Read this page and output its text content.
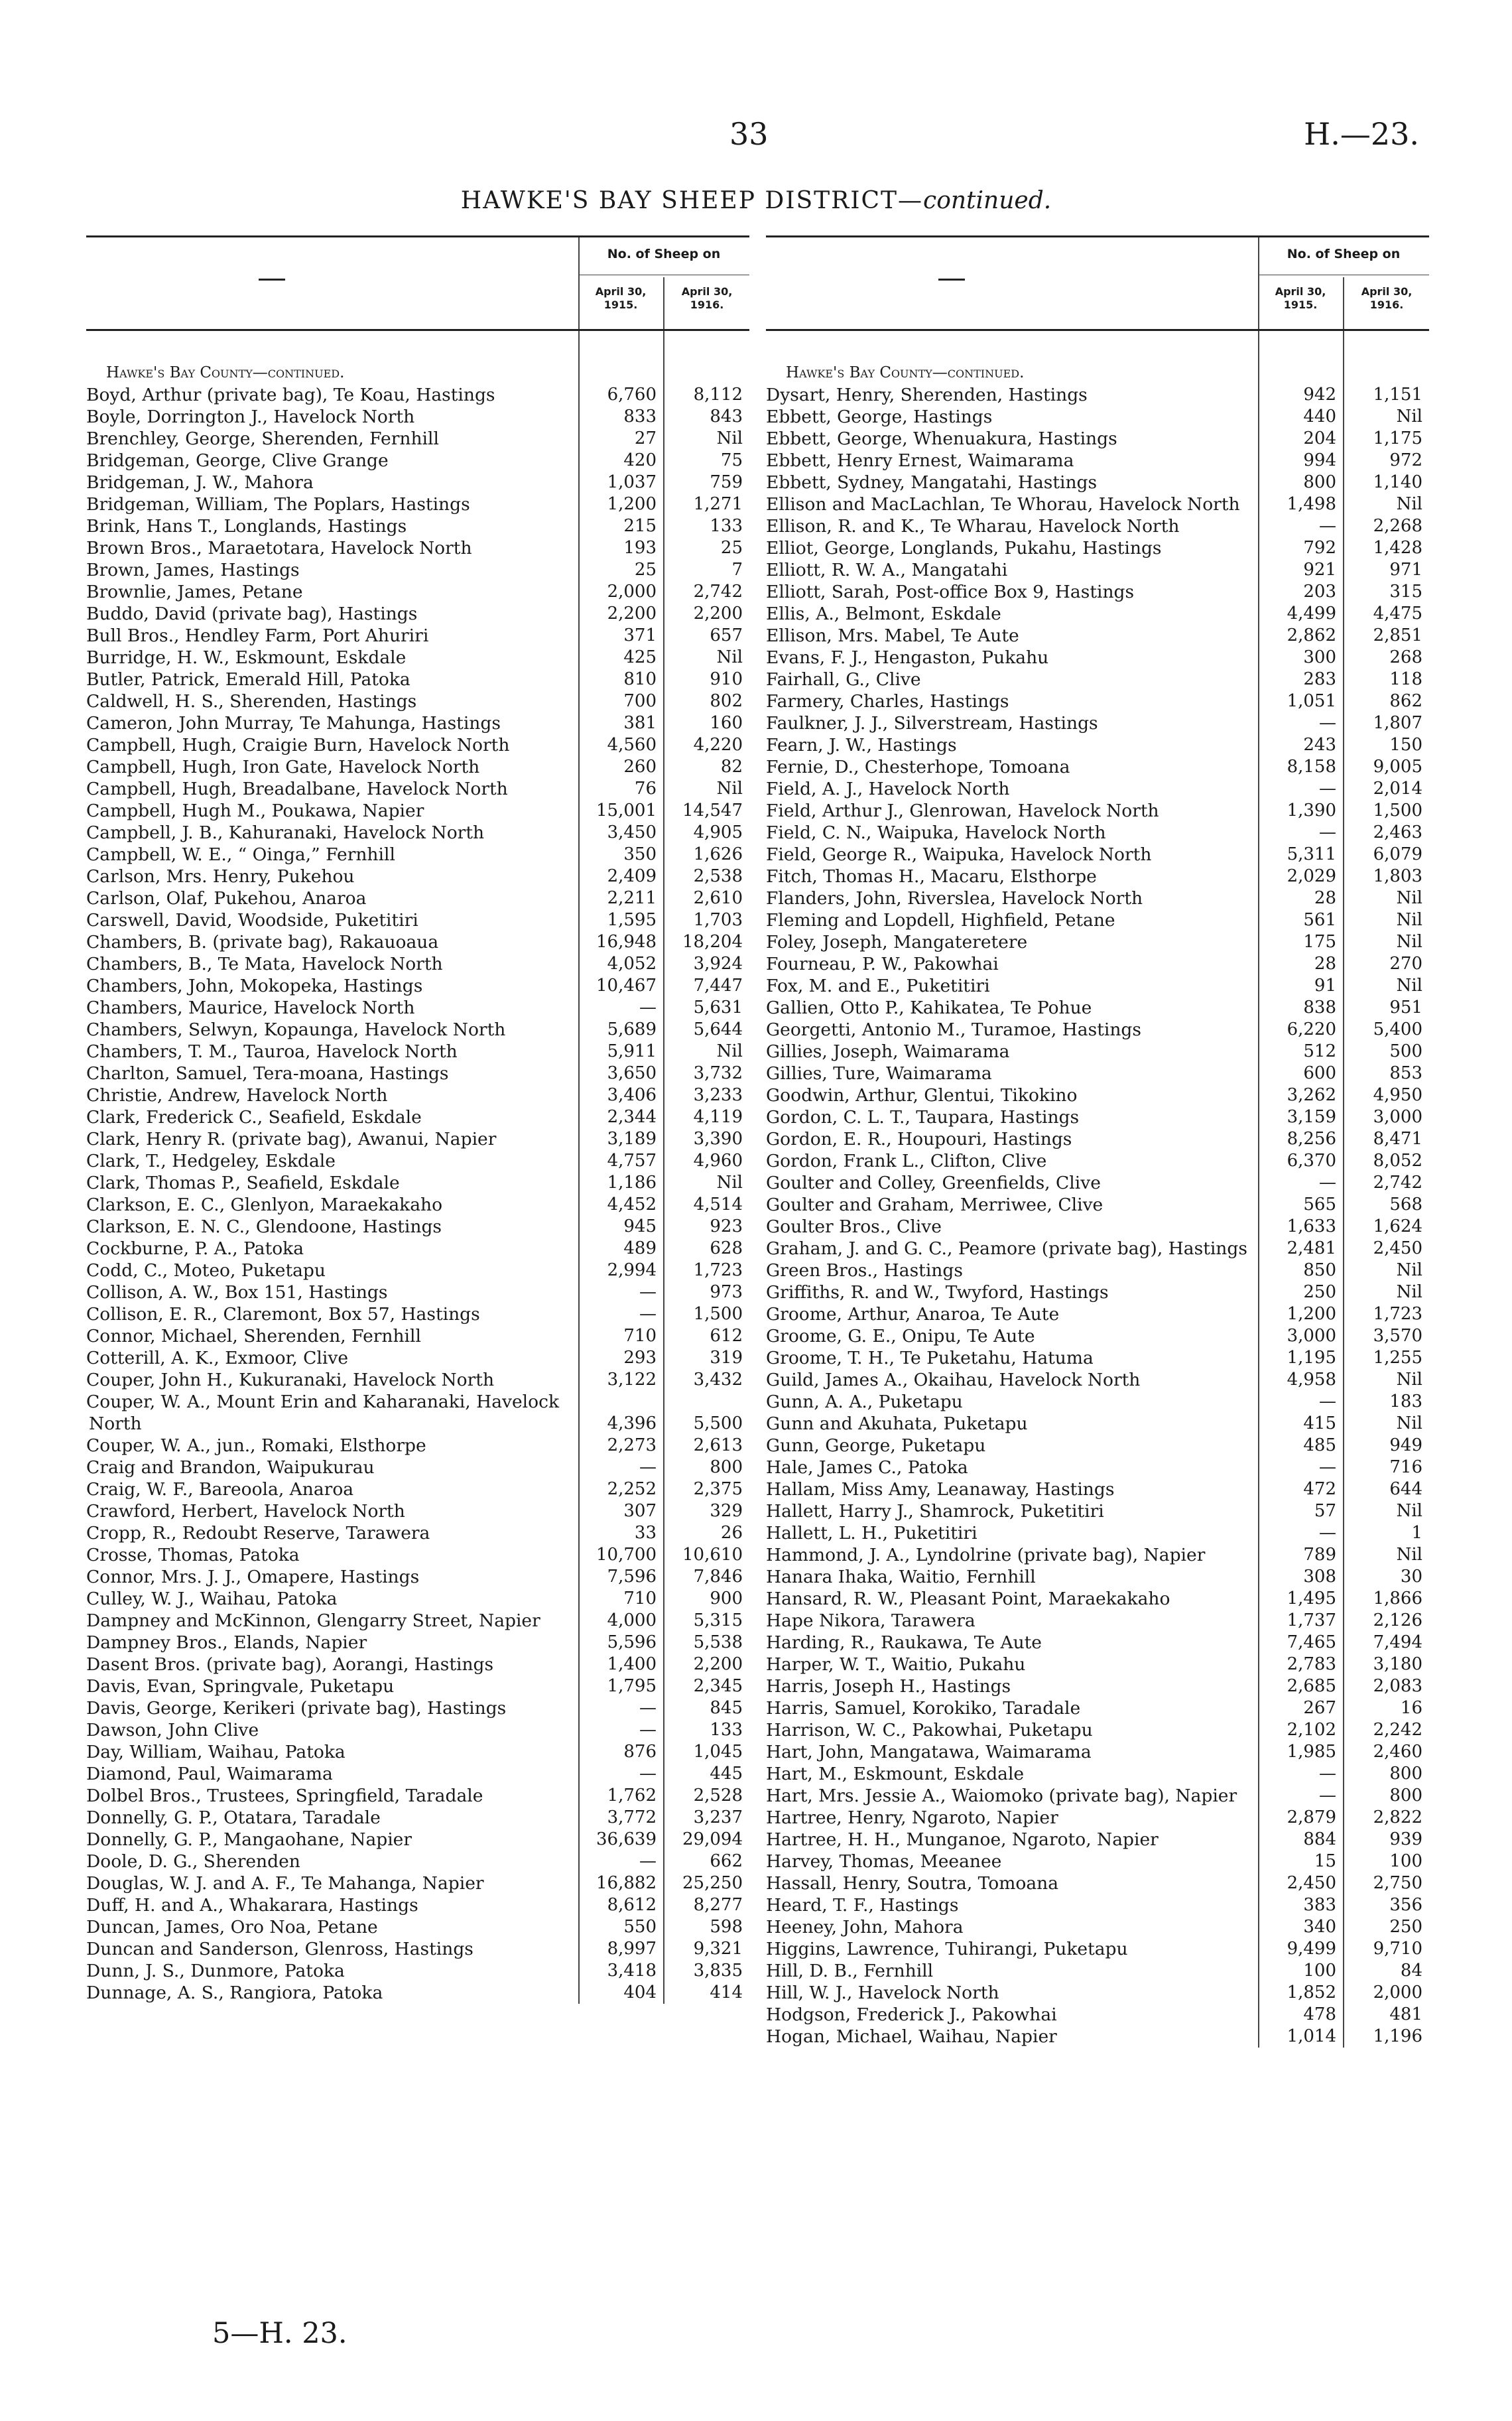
33	H.—23.
HAWKE'S BAY SHEEP DISTRICT—continued.
No. of Sheep on
April 30, 1915.
April 30, 1916.
Hawke's Bay County—continued.
Boyd, Arthur (private bag), Te Koau, Hastings	6,760	8,112
Boyle, Dorrington J., Havelock North	833	843
Brenchley, George, Sherenden, Fernhill	27	Nil
Bridgeman, George, Clive Grange	420	75
Bridgeman, J. W., Mahora	1,037	759
Bridgeman, William, The Poplars, Hastings	1,200	1,271
Brink, Hans T., Longlands, Hastings	215	133
Brown Bros., Maraetotara, Havelock North	193	25
Brown, James, Hastings	25	7
Brownlie, James, Petane	2,000	2,742
Buddo, David (private bag), Hastings	2,200	2,200
Bull Bros., Hendley Farm, Port Ahuriri	371	657
Burridge, H. W., Eskmount, Eskdale	425	Nil
Butler, Patrick, Emerald Hill, Patoka	810	910
Caldwell, H. S., Sherenden, Hastings	700	802
Cameron, John Murray, Te Mahunga, Hastings	381	160
Campbell, Hugh, Craigie Burn, Havelock North	4,560	4,220
Campbell, Hugh, Iron Gate, Havelock North	260	82
Campbell, Hugh, Breadalbane, Havelock North	76	Nil
Campbell, Hugh M., Poukawa, Napier	15,001	14,547
Campbell, J. B., Kahuranaki, Havelock North	3,450	4,905
Campbell, W. E., “ Oinga,” Fernhill	350	1,626
Carlson, Mrs. Henry, Pukehou	2,409	2,538
Carlson, Olaf, Pukehou, Anaroa	2,211	2,610
Carswell, David, Woodside, Puketitiri	1,595	1,703
Chambers, B. (private bag), Rakauoaua	16,948	18,204
Chambers, B., Te Mata, Havelock North	4,052	3,924
Chambers, John, Mokopeka, Hastings	10,467	7,447
Chambers, Maurice, Havelock North	—	5,631
Chambers, Selwyn, Kopaunga, Havelock North	5,689	5,644
Chambers, T. M., Tauroa, Havelock North	5,911	Nil
Charlton, Samuel, Tera-moana, Hastings	3,650	3,732
Christie, Andrew, Havelock North	3,406	3,233
Clark, Frederick C., Seafield, Eskdale	2,344	4,119
Clark, Henry R. (private bag), Awanui, Napier	3,189	3,390
Clark, T., Hedgeley, Eskdale	4,757	4,960
Clark, Thomas P., Seafield, Eskdale	1,186	Nil
Clarkson, E. C., Glenlyon, Maraekakaho	4,452	4,514
Clarkson, E. N. C., Glendoone, Hastings	945	923
Cockburne, P. A., Patoka	489	628
Codd, C., Moteo, Puketapu	2,994	1,723
Collison, A. W., Box 151, Hastings	—	973
Collison, E. R., Claremont, Box 57, Hastings	—	1,500
Connor, Michael, Sherenden, Fernhill	710	612
Cotterill, A. K., Exmoor, Clive	293	319
Couper, John H., Kukuranaki, Havelock North	3,122	3,432
Couper, W. A., Mount Erin and Kaharanaki, Havelock North	4,396	5,500
Couper, W. A., jun., Romaki, Elsthorpe	2,273	2,613
Craig and Brandon, Waipukurau	—	800
Craig, W. F., Bareoola, Anaroa	2,252	2,375
Crawford, Herbert, Havelock North	307	329
Cropp, R., Redoubt Reserve, Tarawera	33	26
Crosse, Thomas, Patoka	10,700	10,610
Connor, Mrs. J. J., Omapere, Hastings	7,596	7,846
Culley, W. J., Waihau, Patoka	710	900
Dampney and McKinnon, Glengarry Street, Napier	4,000	5,315
Dampney Bros., Elands, Napier	5,596	5,538
Dasent Bros. (private bag), Aorangi, Hastings	1,400	2,200
Davis, Evan, Springvale, Puketapu	1,795	2,345
Davis, George, Kerikeri (private bag), Hastings	—	845
Dawson, John Clive	—	133
Day, William, Waihau, Patoka	876	1,045
Diamond, Paul, Waimarama	—	445
Dolbel Bros., Trustees, Springfield, Taradale	1,762	2,528
Donnelly, G. P., Otatara, Taradale	3,772	3,237
Donnelly, G. P., Mangaohane, Napier	36,639	29,094
Doole, D. G., Sherenden	—	662
Douglas, W. J. and A. F., Te Mahanga, Napier	16,882	25,250
Duff, H. and A., Whakarara, Hastings	8,612	8,277
Duncan, James, Oro Noa, Petane	550	598
Duncan and Sanderson, Glenross, Hastings	8,997	9,321
Dunn, J. S., Dunmore, Patoka	3,418	3,835
Dunnage, A. S., Rangiora, Patoka	404	414
No. of Sheep on
April 30, 1915.
April 30, 1916.
Hawke's Bay County—continued.
Dysart, Henry, Sherenden, Hastings	942	1,151
Ebbett, George, Hastings	440	Nil
Ebbett, George, Whenuakura, Hastings	204	1,175
Ebbett, Henry Ernest, Waimarama	994	972
Ebbett, Sydney, Mangatahi, Hastings	800	1,140
Ellison and MacLachlan, Te Whorau, Havelock North	1,498	Nil
Ellison, R. and K., Te Wharau, Havelock North	—	2,268
Elliot, George, Longlands, Pukahu, Hastings	792	1,428
Elliott, R. W. A., Mangatahi	921	971
Elliott, Sarah, Post-office Box 9, Hastings	203	315
Ellis, A., Belmont, Eskdale	4,499	4,475
Ellison, Mrs. Mabel, Te Aute	2,862	2,851
Evans, F. J., Hengaston, Pukahu	300	268
Fairhall, G., Clive	283	118
Farmery, Charles, Hastings	1,051	862
Faulkner, J. J., Silverstream, Hastings	—	1,807
Fearn, J. W., Hastings	243	150
Fernie, D., Chesterhope, Tomoana	8,158	9,005
Field, A. J., Havelock North	—	2,014
Field, Arthur J., Glenrowan, Havelock North	1,390	1,500
Field, C. N., Waipuka, Havelock North	—	2,463
Field, George R., Waipuka, Havelock North	5,311	6,079
Fitch, Thomas H., Macaru, Elsthorpe	2,029	1,803
Flanders, John, Riverslea, Havelock North	28	Nil
Fleming and Lopdell, Highfield, Petane	561	Nil
Foley, Joseph, Mangateretere	175	Nil
Fourneau, P. W., Pakowhai	28	270
Fox, M. and E., Puketitiri	91	Nil
Gallien, Otto P., Kahikatea, Te Pohue	838	951
Georgetti, Antonio M., Turamoe, Hastings	6,220	5,400
Gillies, Joseph, Waimarama	512	500
Gillies, Ture, Waimarama	600	853
Goodwin, Arthur, Glentui, Tikokino	3,262	4,950
Gordon, C. L. T., Taupara, Hastings	3,159	3,000
Gordon, E. R., Houpouri, Hastings	8,256	8,471
Gordon, Frank L., Clifton, Clive	6,370	8,052
Goulter and Colley, Greenfields, Clive	—	2,742
Goulter and Graham, Merriwee, Clive	565	568
Goulter Bros., Clive	1,633	1,624
Graham, J. and G. C., Peamore (private bag), Hastings	2,481	2,450
Green Bros., Hastings	850	Nil
Griffiths, R. and W., Twyford, Hastings	250	Nil
Groome, Arthur, Anaroa, Te Aute	1,200	1,723
Groome, G. E., Onipu, Te Aute	3,000	3,570
Groome, T. H., Te Puketahu, Hatuma	1,195	1,255
Guild, James A., Okaihau, Havelock North	4,958	Nil
Gunn, A. A., Puketapu	—	183
Gunn and Akuhata, Puketapu	415	Nil
Gunn, George, Puketapu	485	949
Hale, James C., Patoka	—	716
Hallam, Miss Amy, Leanaway, Hastings	472	644
Hallett, Harry J., Shamrock, Puketitiri	57	Nil
Hallett, L. H., Puketitiri	—	1
Hammond, J. A., Lyndolrine (private bag), Napier	789	Nil
Hanara Ihaka, Waitio, Fernhill	308	30
Hansard, R. W., Pleasant Point, Maraekakaho	1,495	1,866
Hape Nikora, Tarawera	1,737	2,126
Harding, R., Raukawa, Te Aute	7,465	7,494
Harper, W. T., Waitio, Pukahu	2,783	3,180
Harris, Joseph H., Hastings	2,685	2,083
Harris, Samuel, Korokiko, Taradale	267	16
Harrison, W. C., Pakowhai, Puketapu	2,102	2,242
Hart, John, Mangatawa, Waimarama	1,985	2,460
Hart, M., Eskmount, Eskdale	—	800
Hart, Mrs. Jessie A., Waiomoko (private bag), Napier	—	800
Hartree, Henry, Ngaroto, Napier	2,879	2,822
Hartree, H. H., Munganoe, Ngaroto, Napier	884	939
Harvey, Thomas, Meeanee	15	100
Hassall, Henry, Soutra, Tomoana	2,450	2,750
Heard, T. F., Hastings	383	356
Heeney, John, Mahora	340	250
Higgins, Lawrence, Tuhirangi, Puketapu	9,499	9,710
Hill, D. B., Fernhill	100	84
Hill, W. J., Havelock North	1,852	2,000
Hodgson, Frederick J., Pakowhai	478	481
Hogan, Michael, Waihau, Napier	1,014	1,196
5—H. 23.
